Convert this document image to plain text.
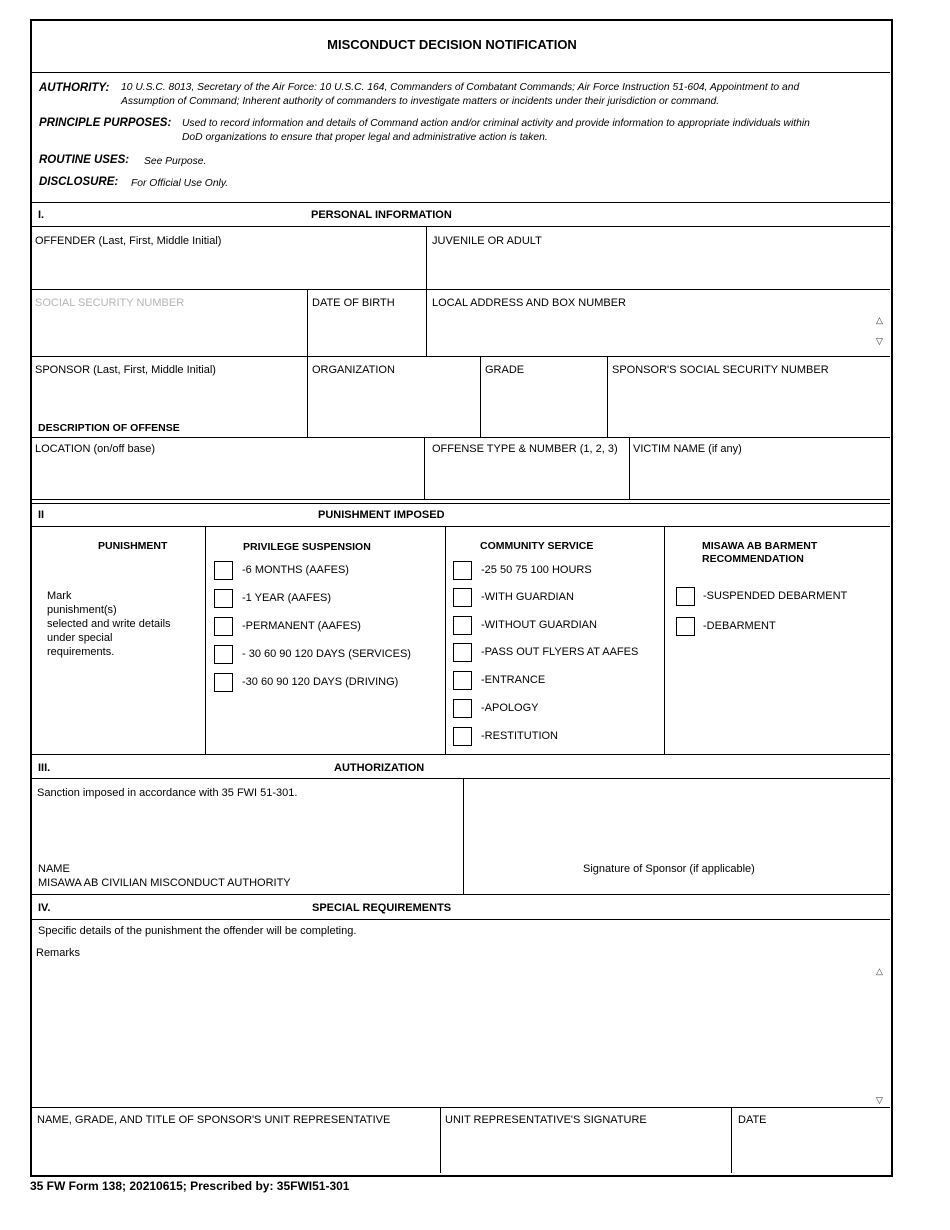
MISCONDUCT DECISION NOTIFICATION
AUTHORITY: 10 U.S.C. 8013, Secretary of the Air Force: 10 U.S.C. 164, Commanders of Combatant Commands; Air Force Instruction 51-604, Appointment to and
Assumption of Command; Inherent authority of commanders to investigate matters or incidents under their jurisdiction or command.
PRINCIPLE PURPOSES: Used to record information and details of Command action and/or criminal activity and provide information to appropriate individuals within
DoD organizations to ensure that proper legal and administrative action is taken.
ROUTINE USES: See Purpose.
DISCLOSURE: For Official Use Only.
I.	PERSONAL INFORMATION
OFFENDER (Last, First, Middle Initial)	JUVENILE OR ADULT
SOCIAL SECURITY NUMBER	DATE OF BIRTH	LOCAL ADDRESS AND BOX NUMBER
△
▽
SPONSOR (Last, First, Middle Initial)	ORGANIZATION	GRADE	SPONSOR'S SOCIAL SECURITY NUMBER
DESCRIPTION OF OFFENSE
LOCATION (on/off base)	OFFENSE TYPE & NUMBER (1, 2, 3) VICTIM NAME (if any)
II	PUNISHMENT IMPOSED
PUNISHMENT
Mark
punishment(s)
selected and write details
under special
requirements.
PRIVILEGE SUSPENSION
-6 MONTHS (AAFES)
-1 YEAR (AAFES)
-PERMANENT (AAFES)
- 30 60 90 120 DAYS (SERVICES)
-30 60 90 120 DAYS (DRIVING)
COMMUNITY SERVICE
-25 50 75 100 HOURS
-WITH GUARDIAN
-WITHOUT GUARDIAN
-PASS OUT FLYERS AT AAFES
-ENTRANCE
-APOLOGY
-RESTITUTION
MISAWA AB BARMENT
RECOMMENDATION
-SUSPENDED DEBARMENT
-DEBARMENT
III.	AUTHORIZATION
Sanction imposed in accordance with 35 FWI 51-301.
NAME
MISAWA AB CIVILIAN MISCONDUCT AUTHORITY
Signature of Sponsor (if applicable)
IV.	SPECIAL REQUIREMENTS
Specific details of the punishment the offender will be completing.
Remarks
△
▽
NAME, GRADE, AND TITLE OF SPONSOR'S UNIT REPRESENTATIVE	UNIT REPRESENTATIVE'S SIGNATURE	DATE
35 FW Form 138; 20210615; Prescribed by: 35FWI51-301
